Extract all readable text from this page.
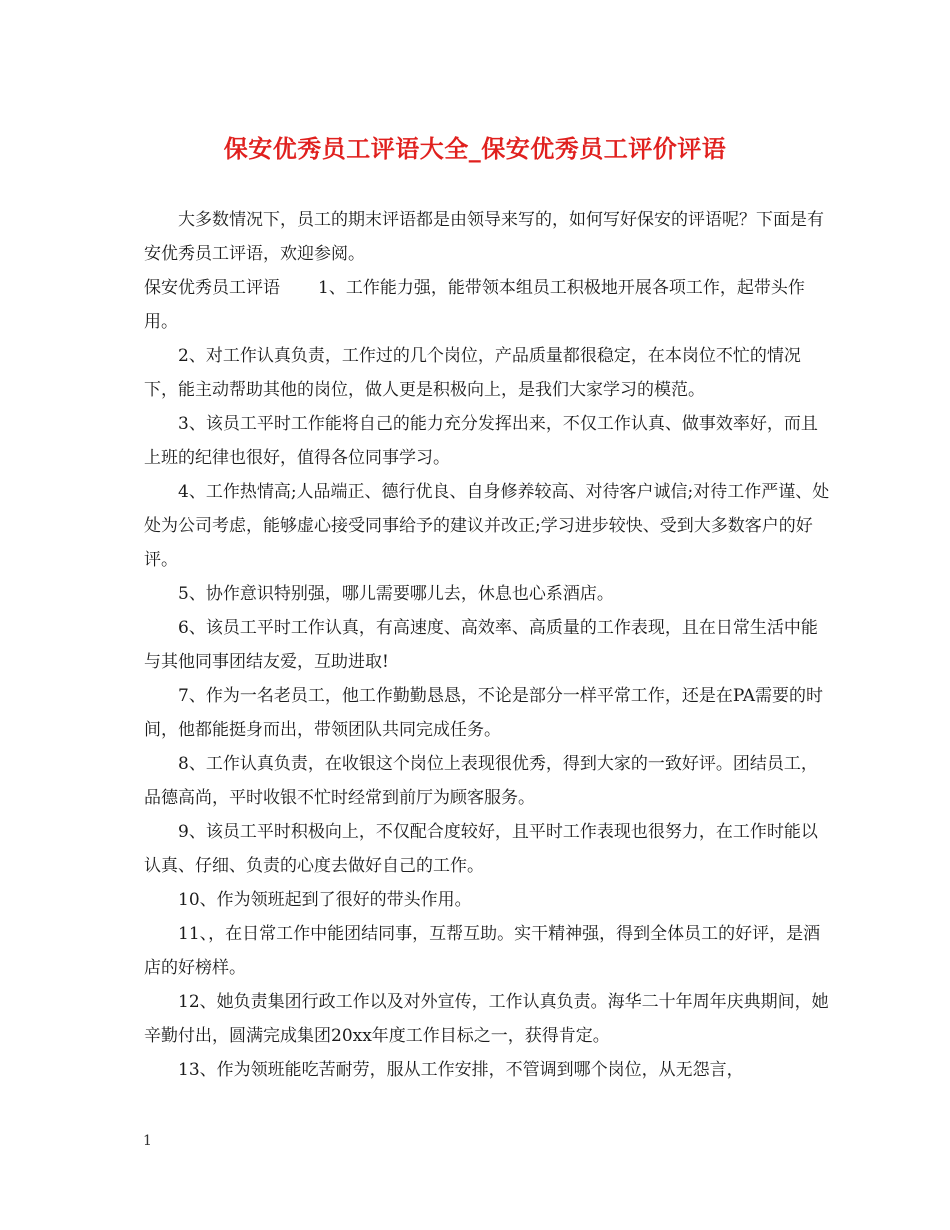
保安优秀员工评语大全_保安优秀员工评价评语

大多数情况下，员工的期末评语都是由领导来写的，如何写好保安的评语呢？下面是有安优秀员工评语，欢迎参阅。

保安优秀员工评语 1、工作能力强，能带领本组员工积极地开展各项工作，起带头作用。

2、对工作认真负责，工作过的几个岗位，产品质量都很稳定，在本岗位不忙的情况下，能主动帮助其他的岗位，做人更是积极向上，是我们大家学习的模范。

3、该员工平时工作能将自己的能力充分发挥出来，不仅工作认真、做事效率好，而且上班的纪律也很好，值得各位同事学习。

4、工作热情高;人品端正、德行优良、自身修养较高、对待客户诚信;对待工作严谨、处处为公司考虑，能够虚心接受同事给予的建议并改正;学习进步较快、受到大多数客户的好评。

5、协作意识特别强，哪儿需要哪儿去，休息也心系酒店。

6、该员工平时工作认真，有高速度、高效率、高质量的工作表现，且在日常生活中能与其他同事团结友爱，互助进取!

7、作为一名老员工，他工作勤勤恳恳，不论是部分一样平常工作，还是在PA需要的时间，他都能挺身而出，带领团队共同完成任务。

8、工作认真负责，在收银这个岗位上表现很优秀，得到大家的一致好评。团结员工，品德高尚，平时收银不忙时经常到前厅为顾客服务。

9、该员工平时积极向上，不仅配合度较好，且平时工作表现也很努力，在工作时能以认真、仔细、负责的心度去做好自己的工作。

10、作为领班起到了很好的带头作用。

11、，在日常工作中能团结同事，互帮互助。实干精神强，得到全体员工的好评，是酒店的好榜样。

12、她负责集团行政工作以及对外宣传，工作认真负责。海华二十年周年庆典期间，她辛勤付出，圆满完成集团20xx年度工作目标之一，获得肯定。

13、作为领班能吃苦耐劳，服从工作安排，不管调到哪个岗位，从无怨言，

1
